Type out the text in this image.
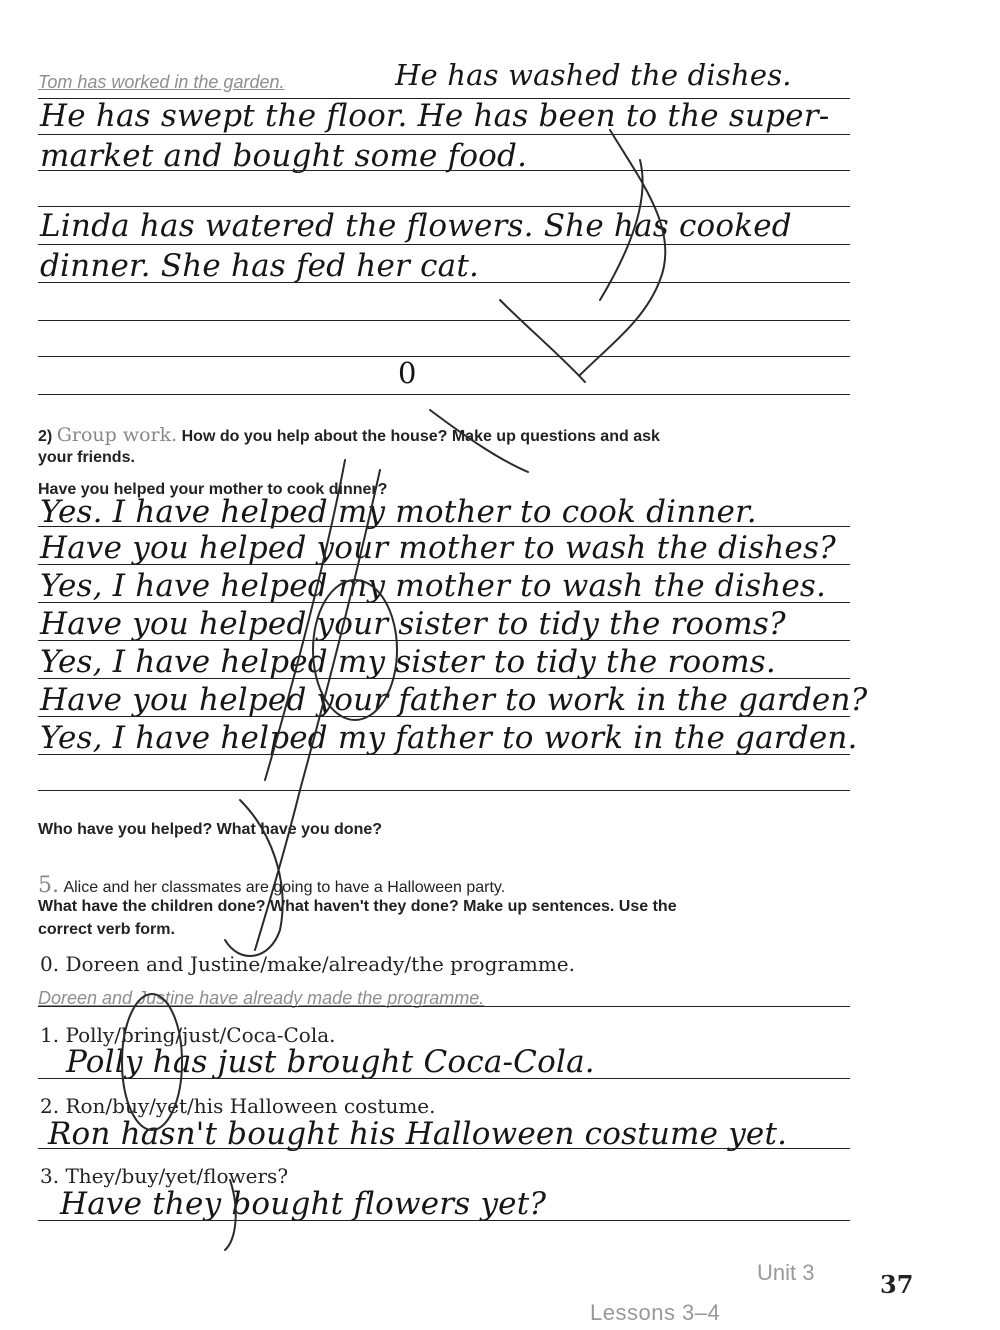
Tom has worked in the garden.	He has washed the dishes.
He has swept the floor. He has been to the super-
market and bought some food.
Linda has watered the flowers. She has cooked
dinner. She has fed her cat.
0
2) Group work. How do you help about the house? Make up questions and ask
your friends.
Have you helped your mother to cook dinner?
Yes. I have helped my mother to cook dinner.
Have you helped your mother to wash the dishes?
Yes, I have helped my mother to wash the dishes.
Have you helped your sister to tidy the rooms?
Yes, I have helped my sister to tidy the rooms.
Have you helped your father to work in the garden?
Yes, I have helped my father to work in the garden.
Who have you helped? What have you done?
5. Alice and her classmates are going to have a Halloween party.
What have the children done? What haven't they done? Make up sentences. Use the
correct verb form.
0. Doreen and Justine/make/already/the programme.
Doreen and Justine have already made the programme.
1. Polly/bring/just/Coca-Cola.
Polly has just brought Coca-Cola.
2. Ron/buy/yet/his Halloween costume.
Ron hasn't bought his Halloween costume yet.
3. They/buy/yet/flowers?
Have they bought flowers yet?
Unit 3	37
Lessons 3–4
